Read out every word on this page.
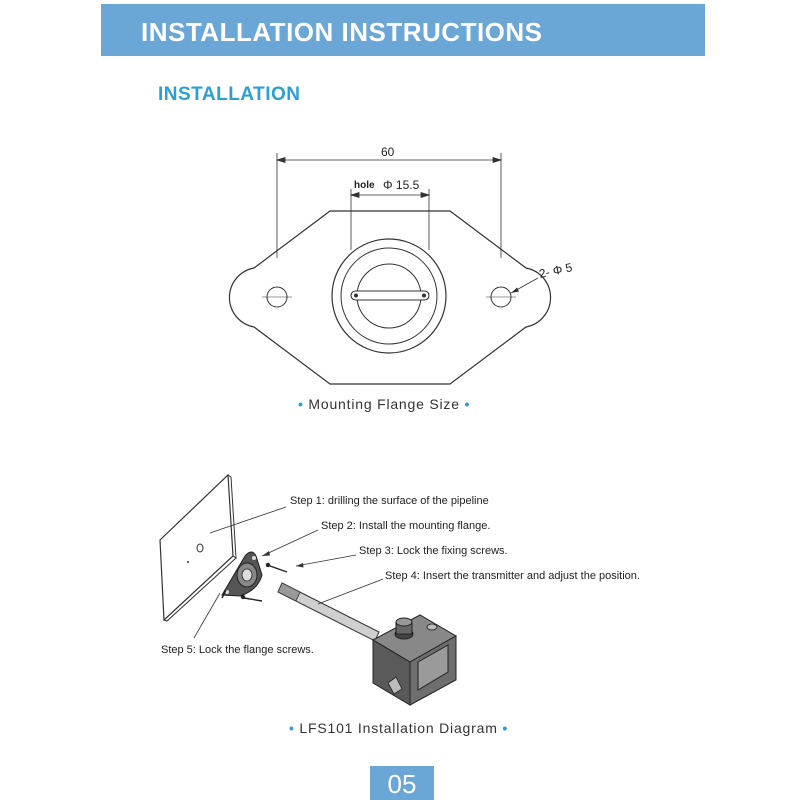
INSTALLATION INSTRUCTIONS
INSTALLATION
60
hole Φ 15.5
2- Φ 5
• Mounting Flange Size •
Step 1: drilling the surface of the pipeline
Step 2: Install the mounting flange.
Step 3: Lock the fixing screws.
Step 4: Insert the transmitter and adjust the position.
Step 5: Lock the flange screws.
• LFS101 Installation Diagram •
05
